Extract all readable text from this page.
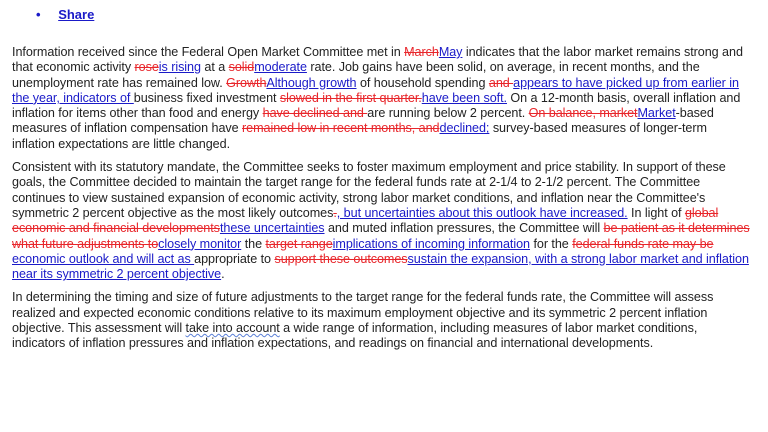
• Share

Information received since the Federal Open Market Committee met in MarchMay indicates that the labor market remains strong and that economic activity roseis rising at a solidmoderate rate. Job gains have been solid, on average, in recent months, and the unemployment rate has remained low. GrowthAlthough growth of household spending and appears to have picked up from earlier in the year, indicators of business fixed investment slowed in the first quarter.have been soft. On a 12-month basis, overall inflation and inflation for items other than food and energy have declined and are running below 2 percent. On balance, marketMarket-based measures of inflation compensation have remained low in recent months, anddeclined; survey-based measures of longer-term inflation expectations are little changed.

Consistent with its statutory mandate, the Committee seeks to foster maximum employment and price stability. In support of these goals, the Committee decided to maintain the target range for the federal funds rate at 2-1/4 to 2-1/2 percent. The Committee continues to view sustained expansion of economic activity, strong labor market conditions, and inflation near the Committee's symmetric 2 percent objective as the most likely outcomes., but uncertainties about this outlook have increased. In light of global economic and financial developmentsthese uncertainties and muted inflation pressures, the Committee will be patient as it determines what future adjustments toclosely monitor the target rangeimplications of incoming information for the federal funds rate may be economic outlook and will act as appropriate to support these outcomessustain the expansion, with a strong labor market and inflation near its symmetric 2 percent objective.

In determining the timing and size of future adjustments to the target range for the federal funds rate, the Committee will assess realized and expected economic conditions relative to its maximum employment objective and its symmetric 2 percent inflation objective. This assessment will take into account a wide range of information, including measures of labor market conditions, indicators of inflation pressures and inflation expectations, and readings on financial and international developments.
